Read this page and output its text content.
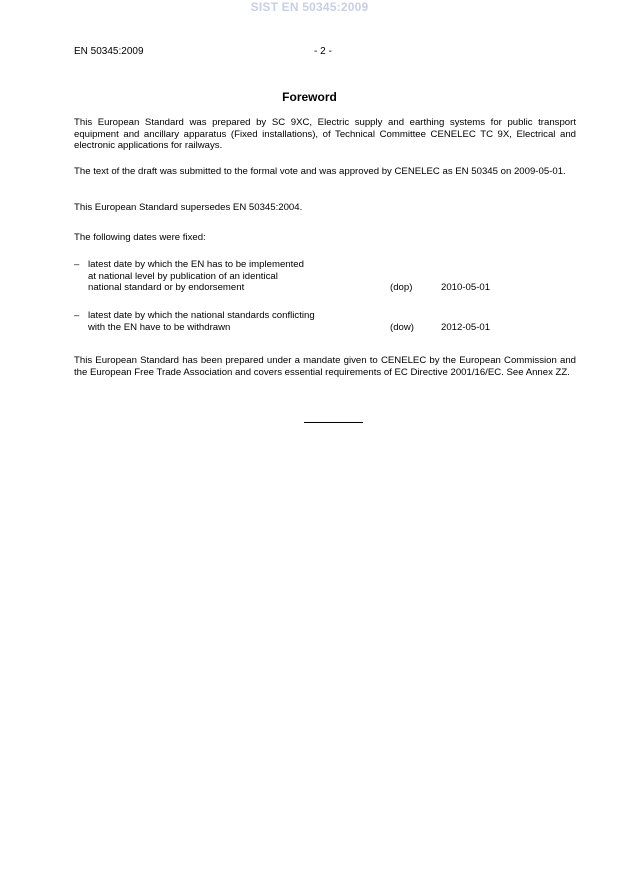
SIST EN 50345:2009
EN 50345:2009	- 2 -
Foreword
This European Standard was prepared by SC 9XC, Electric supply and earthing systems for public transport equipment and ancillary apparatus (Fixed installations), of Technical Committee CENELEC TC 9X, Electrical and electronic applications for railways.
The text of the draft was submitted to the formal vote and was approved by CENELEC as EN 50345 on 2009-05-01.
This European Standard supersedes EN 50345:2004.
The following dates were fixed:
– latest date by which the EN has to be implemented
at national level by publication of an identical
national standard or by endorsement	(dop)	2010-05-01
– latest date by which the national standards conflicting
with the EN have to be withdrawn	(dow)	2012-05-01
This European Standard has been prepared under a mandate given to CENELEC by the European Commission and the European Free Trade Association and covers essential requirements of EC Directive 2001/16/EC. See Annex ZZ.
